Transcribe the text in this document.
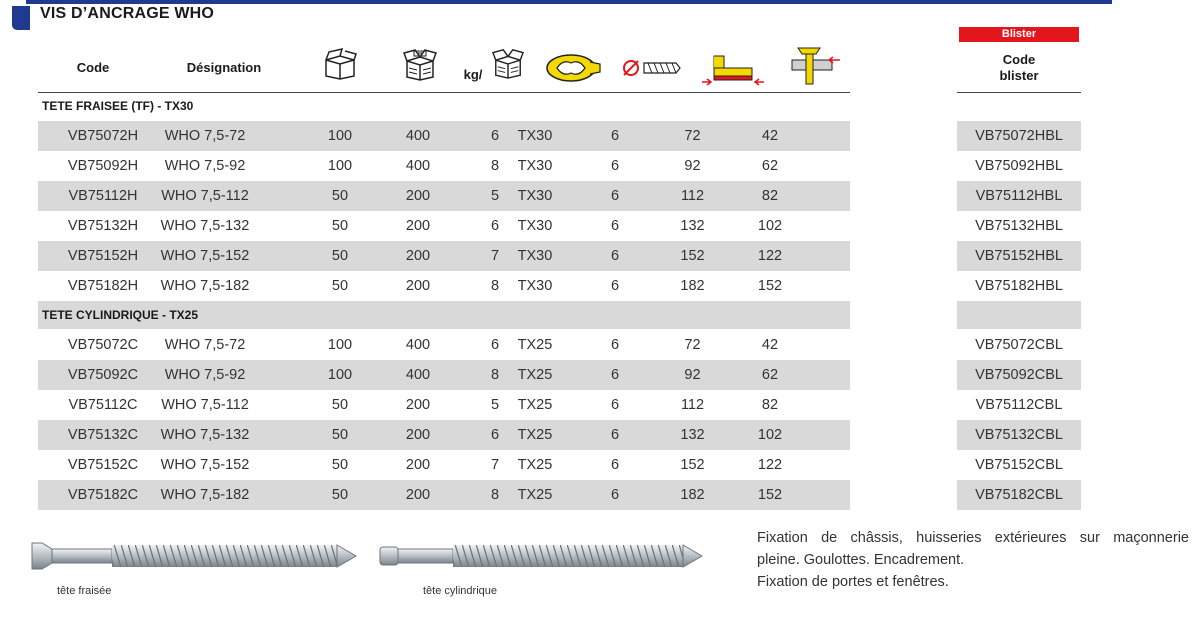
VIS D’ANCRAGE WHO
Code	Désignation	kg/
Blister
Code
blister
TETE FRAISEE (TF) - TX30
VB75072H	WHO 7,5-72	100	400	6	TX30	6	72	42	VB75072HBL
VB75092H	WHO 7,5-92	100	400	8	TX30	6	92	62	VB75092HBL
VB75112H	WHO 7,5-112	50	200	5	TX30	6	112	82	VB75112HBL
VB75132H	WHO 7,5-132	50	200	6	TX30	6	132	102	VB75132HBL
VB75152H	WHO 7,5-152	50	200	7	TX30	6	152	122	VB75152HBL
VB75182H	WHO 7,5-182	50	200	8	TX30	6	182	152	VB75182HBL
TETE CYLINDRIQUE - TX25
VB75072C	WHO 7,5-72	100	400	6	TX25	6	72	42	VB75072CBL
VB75092C	WHO 7,5-92	100	400	8	TX25	6	92	62	VB75092CBL
VB75112C	WHO 7,5-112	50	200	5	TX25	6	112	82	VB75112CBL
VB75132C	WHO 7,5-132	50	200	6	TX25	6	132	102	VB75132CBL
VB75152C	WHO 7,5-152	50	200	7	TX25	6	152	122	VB75152CBL
VB75182C	WHO 7,5-182	50	200	8	TX25	6	182	152	VB75182CBL
tête fraisée	tête cylindrique

Fixation de châssis, huisseries extérieures sur maçonnerie

pleine. Goulottes. Encadrement.

Fixation de portes et fenêtres.
